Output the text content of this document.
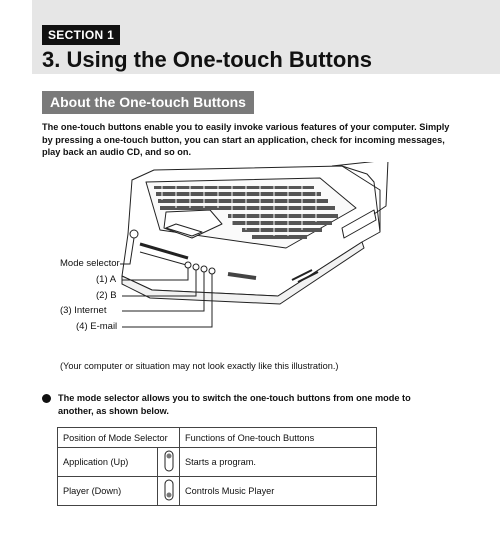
SECTION 1
3. Using the One-touch Buttons
About the One-touch Buttons

The one-touch buttons enable you to easily invoke various features of your computer. Simply by pressing a one-touch button, you can start an application, check for incoming messages, play back an audio CD, and so on.

Mode selector
(1) A
(2) B
(3) Internet
(4) E-mail

(Your computer or situation may not look exactly like this illustration.)

The mode selector allows you to switch the one-touch buttons from one mode to another, as shown below.

Position of Mode Selector		Functions of One-touch Buttons
Application (Up)		Starts a program.
Player (Down)		Controls Music Player
